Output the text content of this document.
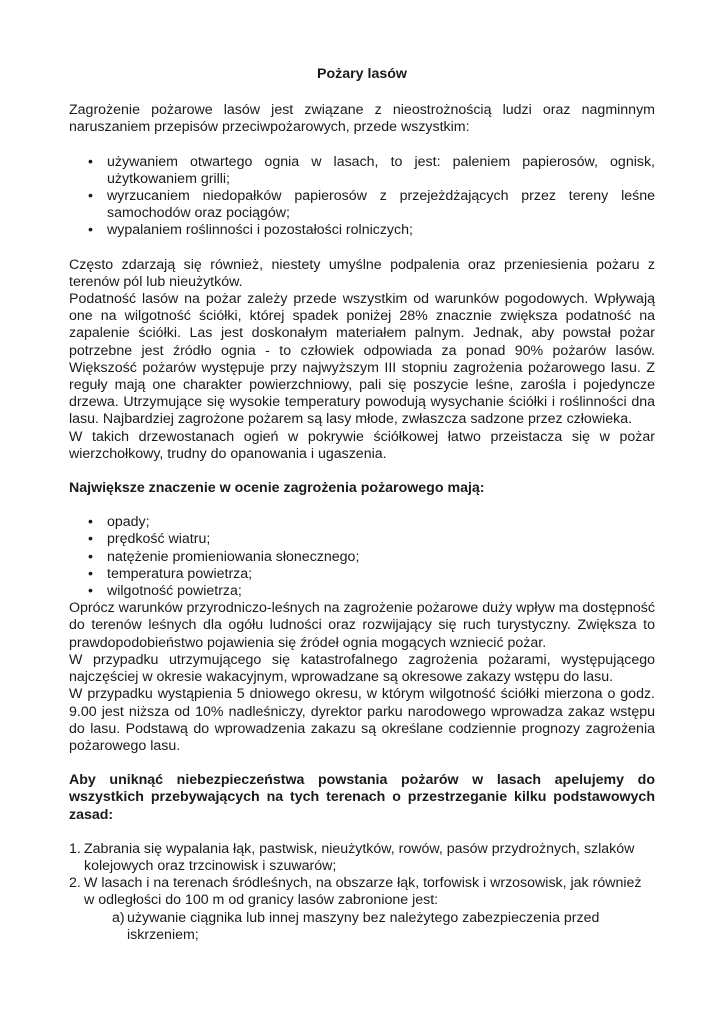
Pożary lasów

Zagrożenie pożarowe lasów jest związane z nieostrożnością ludzi oraz nagminnym naruszaniem przepisów przeciwpożarowych, przede wszystkim:

• używaniem otwartego ognia w lasach, to jest: paleniem papierosów, ognisk, użytkowaniem grilli;
• wyrzucaniem niedopałków papierosów z przejeżdżających przez tereny leśne samochodów oraz pociągów;
• wypalaniem roślinności i pozostałości rolniczych;

Często zdarzają się również, niestety umyślne podpalenia oraz przeniesienia pożaru z terenów pól lub nieużytków.

Podatność lasów na pożar zależy przede wszystkim od warunków pogodowych. Wpływają one na wilgotność ściółki, której spadek poniżej 28% znacznie zwiększa podatność na zapalenie ściółki. Las jest doskonałym materiałem palnym. Jednak, aby powstał pożar potrzebne jest źródło ognia - to człowiek odpowiada za ponad 90% pożarów lasów. Większość pożarów występuje przy najwyższym III stopniu zagrożenia pożarowego lasu. Z reguły mają one charakter powierzchniowy, pali się poszycie leśne, zarośla i pojedyncze drzewa. Utrzymujące się wysokie temperatury powodują wysychanie ściółki i roślinności dna lasu. Najbardziej zagrożone pożarem są lasy młode, zwłaszcza sadzone przez człowieka.

W takich drzewostanach ogień w pokrywie ściółkowej łatwo przeistacza się w pożar wierzchołkowy, trudny do opanowania i ugaszenia.

Największe znaczenie w ocenie zagrożenia pożarowego mają:

• opady;
• prędkość wiatru;
• natężenie promieniowania słonecznego;
• temperatura powietrza;
• wilgotność powietrza;

Oprócz warunków przyrodniczo-leśnych na zagrożenie pożarowe duży wpływ ma dostępność do terenów leśnych dla ogółu ludności oraz rozwijający się ruch turystyczny. Zwiększa to prawdopodobieństwo pojawienia się źródeł ognia mogących wzniecić pożar.

W przypadku utrzymującego się katastrofalnego zagrożenia pożarami, występującego najczęściej w okresie wakacyjnym, wprowadzane są okresowe zakazy wstępu do lasu.

W przypadku wystąpienia 5 dniowego okresu, w którym wilgotność ściółki mierzona o godz. 9.00 jest niższa od 10% nadleśniczy, dyrektor parku narodowego wprowadza zakaz wstępu do lasu. Podstawą do wprowadzenia zakazu są określane codziennie prognozy zagrożenia pożarowego lasu.

Aby uniknąć niebezpieczeństwa powstania pożarów w lasach apelujemy do wszystkich przebywających na tych terenach o przestrzeganie kilku podstawowych zasad:

1. Zabrania się wypalania łąk, pastwisk, nieużytków, rowów, pasów przydrożnych, szlaków kolejowych oraz trzcinowisk i szuwarów;
2. W lasach i na terenach śródleśnych, na obszarze łąk, torfowisk i wrzosowisk, jak również w odległości do 100 m od granicy lasów zabronione jest:
a) używanie ciągnika lub innej maszyny bez należytego zabezpieczenia przed iskrzeniem;
